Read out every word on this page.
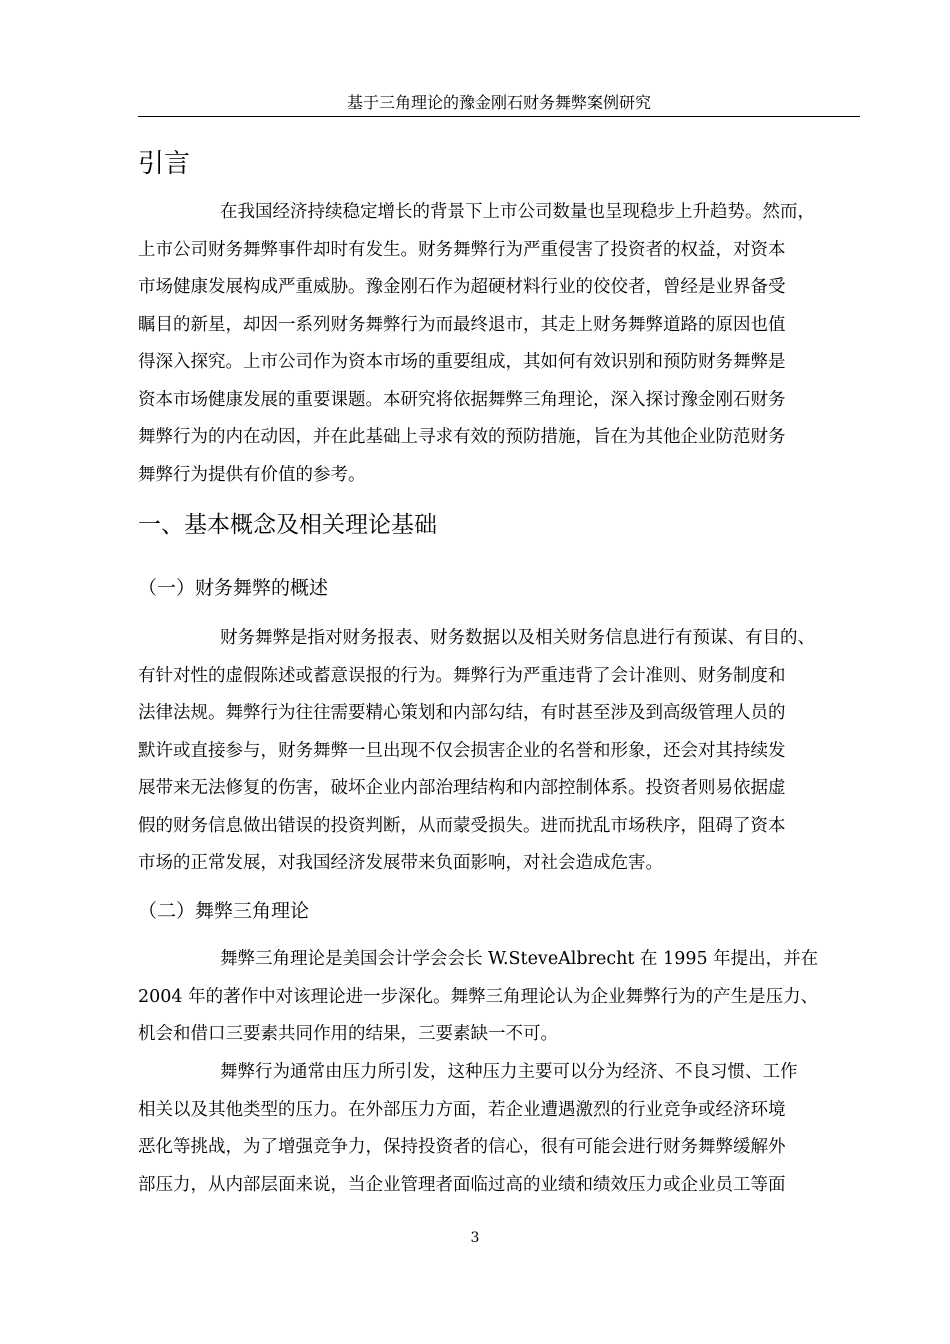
基于三角理论的豫金刚石财务舞弊案例研究
引言

在我国经济持续稳定增长的背景下上市公司数量也呈现稳步上升趋势。然而，
上市公司财务舞弊事件却时有发生。财务舞弊行为严重侵害了投资者的权益，对资本
市场健康发展构成严重威胁。豫金刚石作为超硬材料行业的佼佼者，曾经是业界备受
瞩目的新星，却因一系列财务舞弊行为而最终退市，其走上财务舞弊道路的原因也值
得深入探究。上市公司作为资本市场的重要组成，其如何有效识别和预防财务舞弊是
资本市场健康发展的重要课题。本研究将依据舞弊三角理论，深入探讨豫金刚石财务
舞弊行为的内在动因，并在此基础上寻求有效的预防措施，旨在为其他企业防范财务
舞弊行为提供有价值的参考。

一、基本概念及相关理论基础
（一）财务舞弊的概述

财务舞弊是指对财务报表、财务数据以及相关财务信息进行有预谋、有目的、
有针对性的虚假陈述或蓄意误报的行为。舞弊行为严重违背了会计准则、财务制度和
法律法规。舞弊行为往往需要精心策划和内部勾结，有时甚至涉及到高级管理人员的
默许或直接参与，财务舞弊一旦出现不仅会损害企业的名誉和形象，还会对其持续发
展带来无法修复的伤害，破坏企业内部治理结构和内部控制体系。投资者则易依据虚
假的财务信息做出错误的投资判断，从而蒙受损失。进而扰乱市场秩序，阻碍了资本
市场的正常发展，对我国经济发展带来负面影响，对社会造成危害。

（二）舞弊三角理论

舞弊三角理论是美国会计学会会长 W.SteveAlbrecht 在 1995 年提出，并在
2004 年的著作中对该理论进一步深化。舞弊三角理论认为企业舞弊行为的产生是压力、
机会和借口三要素共同作用的结果，三要素缺一不可。

舞弊行为通常由压力所引发，这种压力主要可以分为经济、不良习惯、工作
相关以及其他类型的压力。在外部压力方面，若企业遭遇激烈的行业竞争或经济环境
恶化等挑战，为了增强竞争力，保持投资者的信心，很有可能会进行财务舞弊缓解外
部压力，从内部层面来说，当企业管理者面临过高的业绩和绩效压力或企业员工等面

3
